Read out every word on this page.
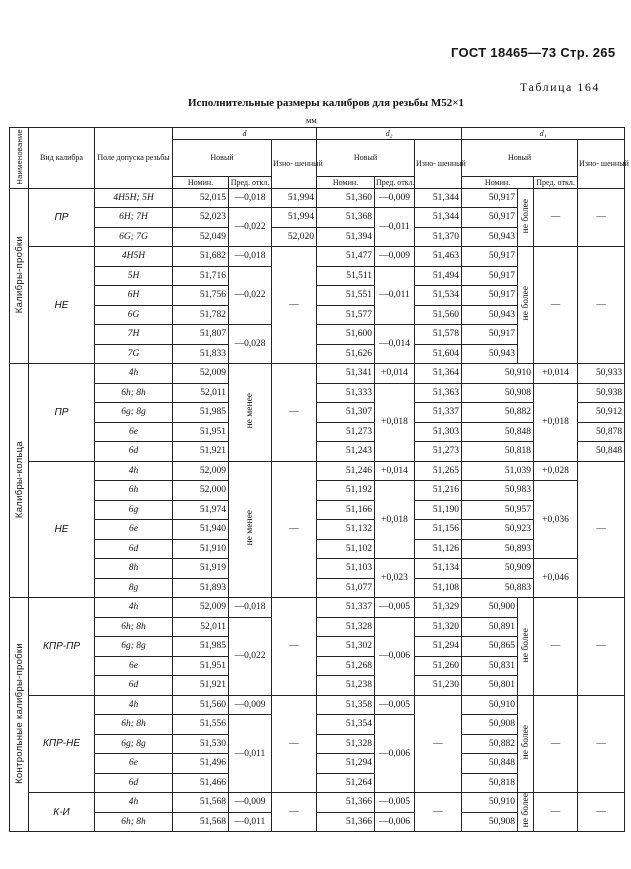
ГОСТ 18465—73 Стр. 265
Таблица 164
Исполнительные размеры калибров для резьбы М52×1
мм
Наименование	Вид калибра	Поле допуска резьбы	d			d₂			d₁			
			Новый		Изно- шенный	Новый		Изно- шенный	Новый			Изно- шенный
			Номин.	Пред. откл.		Номин.	Пред. откл.		Номин.		Пред. откл.	
Калибры-пробки	ПР	4H5H; 5H	52,015	—0,018	51,994	51,360	—0,009	51,344	50,917	не более	—	—
		6H; 7H	52,023	—0,022	51,994	51,368	—0,011	51,344	50,917			
		6G; 7G	52,049		52,020	51,394		51,370	50,943			
	НЕ	4H5H	51,682	—0,018	—	51,477	—0,009	51,463	50,917	не более	—	—
		5H	51,716	—0,022		51,511	—0,011	51,494	50,917			
		6H	51,756			51,551		51,534	50,917			
		6G	51,782			51,577		51,560	50,943			
		7H	51,807	—0,028		51,600	—0,014	51,578	50,917			
		7G	51,833			51,626		51,604	50,943			
Калибры-кольца	ПР	4h	52,009	не менее	—	51,341	+0,014	51,364	50,910		+0,014	50,933
		6h; 8h	52,011			51,333	+0,018	51,363	50,908		+0,018	50,938
		6g; 8g	51,985			51,307		51,337	50,882			50,912
		6e	51,951			51,273		51,303	50,848			50,878
		6d	51,921			51,243		51,273	50,818			50,848
	НЕ	4h	52,009	не менее	—	51,246	+0,014	51,265	51,039		+0,028	—
		6h	52,000			51,192	+0,018	51,216	50,983		+0,036	
		6g	51,974			51,166		51,190	50,957			
		6e	51,940			51,132		51,156	50,923			
		6d	51,910			51,102		51,126	50,893			
		8h	51,919			51,103	+0,023	51,134	50,909		+0,046	
		8g	51,893			51,077		51,108	50,883			
Контрольные калибры-пробки	КПР-ПР	4h	52,009	—0,018	—	51,337	—0,005	51,329	50,900	не более	—	—
		6h; 8h	52,011	—0,022		51,328	—0,006	51,320	50,891			
		6g; 8g	51,985			51,302		51,294	50,865			
		6e	51,951			51,268		51,260	50,831			
		6d	51,921			51,238		51,230	50,801			
	КПР-НЕ	4h	51,560	—0,009	—	51,358	—0,005	—	50,910	не более	—	—
		6h; 8h	51,556	—0,011		51,354	—0,006		50,908			
		6g; 8g	51,530			51,328			50,882			
		6e	51,496			51,294			50,848			
		6d	51,466			51,264			50,818			
	К-И	4h	51,568	—0,009	—	51,366	—0,005	—	50,910	не более	—	—
		6h; 8h	51,568	—0,011		51,366	—0,006		50,908			
